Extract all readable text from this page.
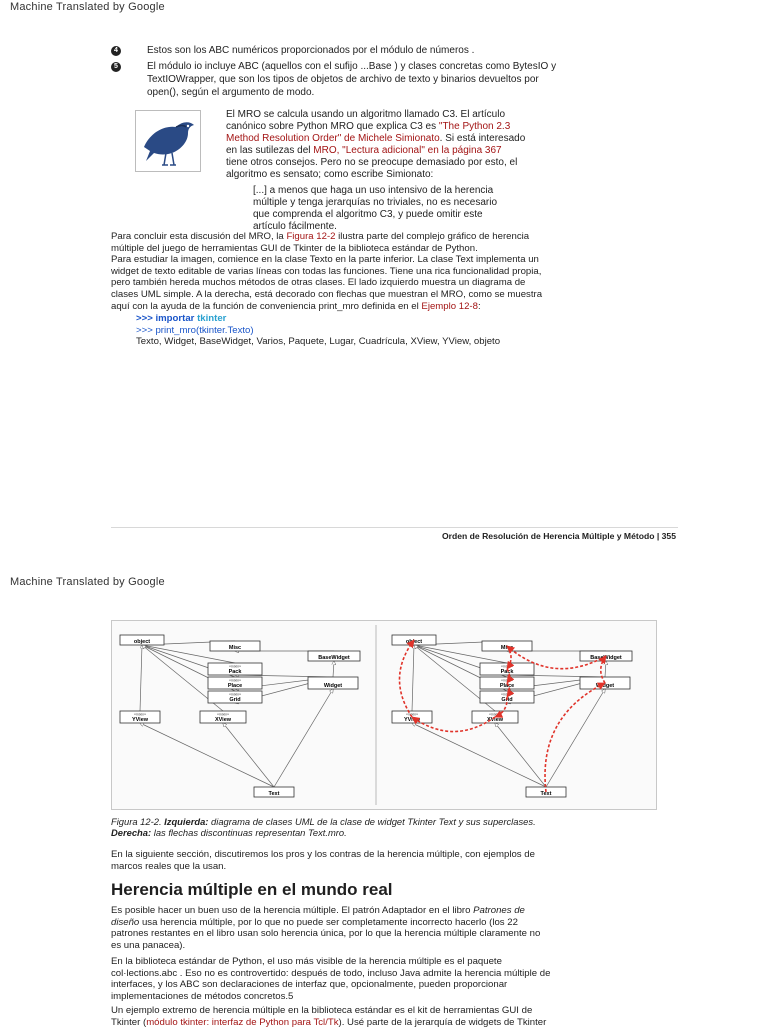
Machine Translated by Google
4	Estos son los ABC numéricos proporcionados por el módulo de números .
5	El módulo io incluye ABC (aquellos con el sufijo ...Base ) y clases concretas como BytesIO y
TextIOWrapper, que son los tipos de objetos de archivo de texto y binarios devueltos por
open(), según el argumento de modo.

El MRO se calcula usando un algoritmo llamado C3. El artículo

canónico sobre Python MRO que explica C3 es "The Python 2.3

Method Resolution Order" de Michele Simionato. Si está interesado

en las sutilezas del MRO, "Lectura adicional" en la página 367

tiene otros consejos. Pero no se preocupe demasiado por esto, el

algoritmo es sensato; como escribe Simionato:

[...] a menos que haga un uso intensivo de la herencia

múltiple y tenga jerarquías no triviales, no es necesario

que comprenda el algoritmo C3, y puede omitir este

artículo fácilmente.

Para concluir esta discusión del MRO, la Figura 12-2 ilustra parte del complejo gráfico de herencia

múltiple del juego de herramientas GUI de Tkinter de la biblioteca estándar de Python.

Para estudiar la imagen, comience en la clase Texto en la parte inferior. La clase Text implementa un

widget de texto editable de varias líneas con todas las funciones. Tiene una rica funcionalidad propia,

pero también hereda muchos métodos de otras clases. El lado izquierdo muestra un diagrama de

clases UML simple. A la derecha, está decorado con flechas que muestran el MRO, como se muestra

aquí con la ayuda de la función de conveniencia print_mro definida en el Ejemplo 12-8:

>>> importar tkinter
>>> print_mro(tkinter.Texto)
Texto, Widget, BaseWidget, Varios, Paquete, Lugar, Cuadrícula, XView, YView, objeto
Orden de Resolución de Herencia Múltiple y Método | 355
Machine Translated by Google
object
Misc
BaseWidget
«mixin»
Pack
«mixin»
Place
«mixin»
Grid
Widget
«mixin»
YView
«mixin»
XView
Text
object
Misc
BaseWidget
«mixin»
Pack
«mixin»
Place
«mixin»
Grid
Widget
«mixin»
YView
«mixin»
XView
Text
Figura 12-2. Izquierda: diagrama de clases UML de la clase de widget Tkinter Text y sus superclases.
Derecha: las flechas discontinuas representan Text.mro.

En la siguiente sección, discutiremos los pros y los contras de la herencia múltiple, con ejemplos de

marcos reales que la usan.

Herencia múltiple en el mundo real

Es posible hacer un buen uso de la herencia múltiple. El patrón Adaptador en el libro Patrones de

diseño usa herencia múltiple, por lo que no puede ser completamente incorrecto hacerlo (los 22

patrones restantes en el libro usan solo herencia única, por lo que la herencia múltiple claramente no

es una panacea).

En la biblioteca estándar de Python, el uso más visible de la herencia múltiple es el paquete

col·lections.abc . Eso no es controvertido: después de todo, incluso Java admite la herencia múltiple de

interfaces, y los ABC son declaraciones de interfaz que, opcionalmente, pueden proporcionar

implementaciones de métodos concretos.5

Un ejemplo extremo de herencia múltiple en la biblioteca estándar es el kit de herramientas GUI de

Tkinter (módulo tkinter: interfaz de Python para Tcl/Tk). Usé parte de la jerarquía de widgets de Tkinter
